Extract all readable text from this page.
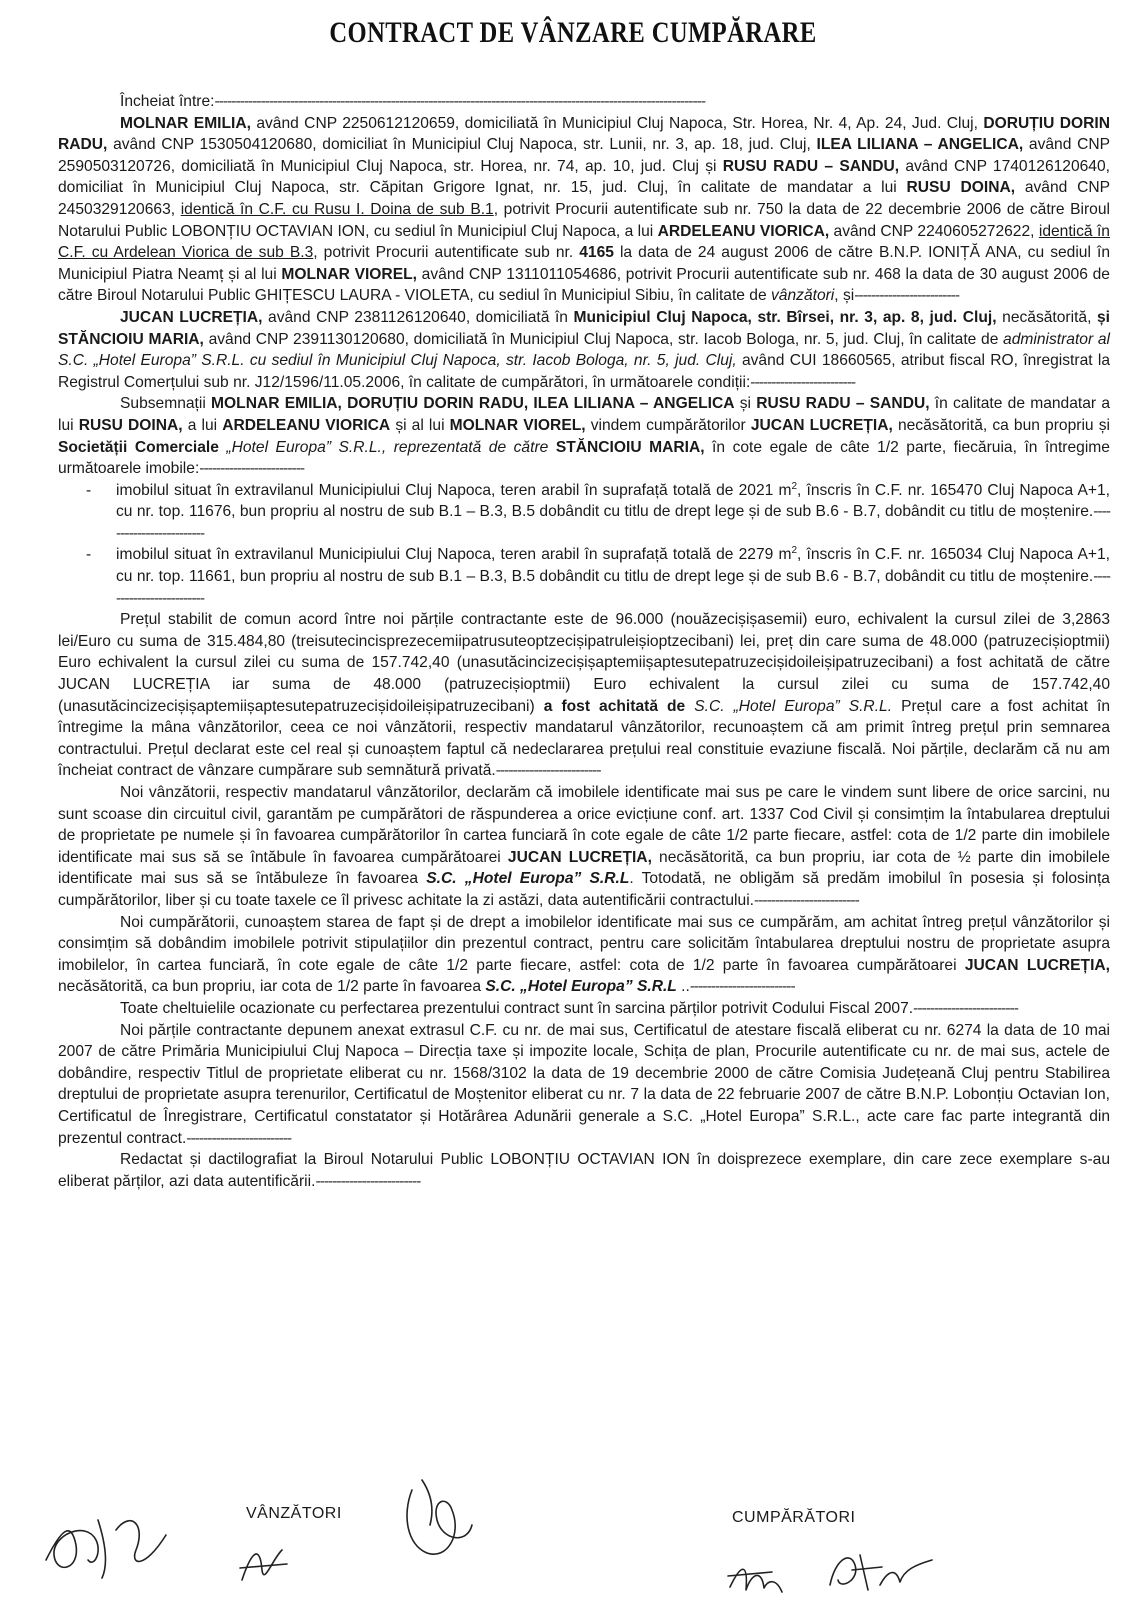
CONTRACT DE VÂNZARE CUMPĂRARE

Încheiat între:---------------------------------------------------------------------------------------------------------------------

MOLNAR EMILIA, având CNP 2250612120659, domiciliată în Municipiul Cluj Napoca, Str. Horea, Nr. 4, Ap. 24, Jud. Cluj, DORUȚIU DORIN RADU, având CNP 1530504120680, domiciliat în Municipiul Cluj Napoca, str. Lunii, nr. 3, ap. 18, jud. Cluj, ILEA LILIANA – ANGELICA, având CNP 2590503120726, domiciliată în Municipiul Cluj Napoca, str. Horea, nr. 74, ap. 10, jud. Cluj și RUSU RADU – SANDU, având CNP 1740126120640, domiciliat în Municipiul Cluj Napoca, str. Căpitan Grigore Ignat, nr. 15, jud. Cluj, în calitate de mandatar a lui RUSU DOINA, având CNP 2450329120663, identică în C.F. cu Rusu I. Doina de sub B.1, potrivit Procurii autentificate sub nr. 750 la data de 22 decembrie 2006 de către Biroul Notarului Public LOBONȚIU OCTAVIAN ION, cu sediul în Municipiul Cluj Napoca, a lui ARDELEANU VIORICA, având CNP 2240605272622, identică în C.F. cu Ardelean Viorica de sub B.3, potrivit Procurii autentificate sub nr. 4165 la data de 24 august 2006 de către B.N.P. IONIȚĂ ANA, cu sediul în Municipiul Piatra Neamț și al lui MOLNAR VIOREL, având CNP 1311011054686, potrivit Procurii autentificate sub nr. 468 la data de 30 august 2006 de către Biroul Notarului Public GHIȚESCU LAURA - VIOLETA, cu sediul în Municipiul Sibiu, în calitate de vânzători, și-------------------------

JUCAN LUCREȚIA, având CNP 2381126120640, domiciliată în Municipiul Cluj Napoca, str. Bîrsei, nr. 3, ap. 8, jud. Cluj, necăsătorită, și STĂNCIOIU MARIA, având CNP 2391130120680, domiciliată în Municipiul Cluj Napoca, str. Iacob Bologa, nr. 5, jud. Cluj, în calitate de administrator al S.C. „Hotel Europa” S.R.L. cu sediul în Municipiul Cluj Napoca, str. Iacob Bologa, nr. 5, jud. Cluj, având CUI 18660565, atribut fiscal RO, înregistrat la Registrul Comerțului sub nr. J12/1596/11.05.2006, în calitate de cumpărători, în următoarele condiții:-------------------------

Subsemnații MOLNAR EMILIA, DORUȚIU DORIN RADU, ILEA LILIANA – ANGELICA și RUSU RADU – SANDU, în calitate de mandatar a lui RUSU DOINA, a lui ARDELEANU VIORICA și al lui MOLNAR VIOREL, vindem cumpărătorilor JUCAN LUCREȚIA, necăsătorită, ca bun propriu și Societății Comerciale „Hotel Europa” S.R.L., reprezentată de către STĂNCIOIU MARIA, în cote egale de câte 1/2 parte, fiecăruia, în întregime următoarele imobile:-------------------------

- imobilul situat în extravilanul Municipiului Cluj Napoca, teren arabil în suprafață totală de 2021 $m^2$, înscris în C.F. nr. 165470 Cluj Napoca A+1, cu nr. top. 11676, bun propriu al nostru de sub B.1 – B.3, B.5 dobândit cu titlu de drept lege și de sub B.6 - B.7, dobândit cu titlu de moștenire.-------------------------
- imobilul situat în extravilanul Municipiului Cluj Napoca, teren arabil în suprafață totală de 2279 $m^2$, înscris în C.F. nr. 165034 Cluj Napoca A+1, cu nr. top. 11661, bun propriu al nostru de sub B.1 – B.3, B.5 dobândit cu titlu de drept lege și de sub B.6 - B.7, dobândit cu titlu de moștenire.-------------------------

Prețul stabilit de comun acord între noi părțile contractante este de 96.000 (nouăzecișișasemii) euro, echivalent la cursul zilei de 3,2863 lei/Euro cu suma de 315.484,80 (treisutecincisprezecemiipatrusuteoptzecișipatruleișioptzecibani) lei, preț din care suma de 48.000 (patruzecișioptmii) Euro echivalent la cursul zilei cu suma de 157.742,40 (unasutăcincizecișișaptemiișaptesutepatruzecișidoileișipatruzecibani) a fost achitată de către JUCAN LUCREȚIA iar suma de 48.000 (patruzecișioptmii) Euro echivalent la cursul zilei cu suma de 157.742,40 (unasutăcincizecișișaptemiișaptesutepatruzecișidoileișipatruzecibani) a fost achitată de S.C. „Hotel Europa” S.R.L. Prețul care a fost achitat în întregime la mâna vânzătorilor, ceea ce noi vânzătorii, respectiv mandatarul vânzătorilor, recunoaștem că am primit întreg prețul prin semnarea contractului. Prețul declarat este cel real și cunoaștem faptul că nedeclararea prețului real constituie evaziune fiscală. Noi părțile, declarăm că nu am încheiat contract de vânzare cumpărare sub semnătură privată.-------------------------

Noi vânzătorii, respectiv mandatarul vânzătorilor, declarăm că imobilele identificate mai sus pe care le vindem sunt libere de orice sarcini, nu sunt scoase din circuitul civil, garantăm pe cumpărători de răspunderea a orice evicțiune conf. art. 1337 Cod Civil și consimțim la întabularea dreptului de proprietate pe numele și în favoarea cumpărătorilor în cartea funciară în cote egale de câte 1/2 parte fiecare, astfel: cota de 1/2 parte din imobilele identificate mai sus să se întăbule în favoarea cumpărătoarei JUCAN LUCREȚIA, necăsătorită, ca bun propriu, iar cota de ½ parte din imobilele identificate mai sus să se întăbuleze în favoarea S.C. „Hotel Europa” S.R.L. Totodată, ne obligăm să predăm imobilul în posesia și folosința cumpărătorilor, liber și cu toate taxele ce îl privesc achitate la zi astăzi, data autentificării contractului.-------------------------

Noi cumpărătorii, cunoaștem starea de fapt și de drept a imobilelor identificate mai sus ce cumpărăm, am achitat întreg prețul vânzătorilor și consimțim să dobândim imobilele potrivit stipulațiilor din prezentul contract, pentru care solicităm întabularea dreptului nostru de proprietate asupra imobilelor, în cartea funciară, în cote egale de câte 1/2 parte fiecare, astfel: cota de 1/2 parte în favoarea cumpărătoarei JUCAN LUCREȚIA, necăsătorită, ca bun propriu, iar cota de 1/2 parte în favoarea S.C. „Hotel Europa” S.R.L ..-------------------------

Toate cheltuielile ocazionate cu perfectarea prezentului contract sunt în sarcina părților potrivit Codului Fiscal 2007.-------------------------

Noi părțile contractante depunem anexat extrasul C.F. cu nr. de mai sus, Certificatul de atestare fiscală eliberat cu nr. 6274 la data de 10 mai 2007 de către Primăria Municipiului Cluj Napoca – Direcția taxe și impozite locale, Schița de plan, Procurile autentificate cu nr. de mai sus, actele de dobândire, respectiv Titlul de proprietate eliberat cu nr. 1568/3102 la data de 19 decembrie 2000 de către Comisia Județeană Cluj pentru Stabilirea dreptului de proprietate asupra terenurilor, Certificatul de Moștenitor eliberat cu nr. 7 la data de 22 februarie 2007 de către B.N.P. Lobonțiu Octavian Ion, Certificatul de Înregistrare, Certificatul constatator și Hotărârea Adunării generale a S.C. „Hotel Europa” S.R.L., acte care fac parte integrantă din prezentul contract.-------------------------

Redactat și dactilografiat la Biroul Notarului Public LOBONȚIU OCTAVIAN ION în doisprezece exemplare, din care zece exemplare s-au eliberat părților, azi data autentificării.-------------------------

VÂNZĂTORI	CUMPĂRĂTORI
